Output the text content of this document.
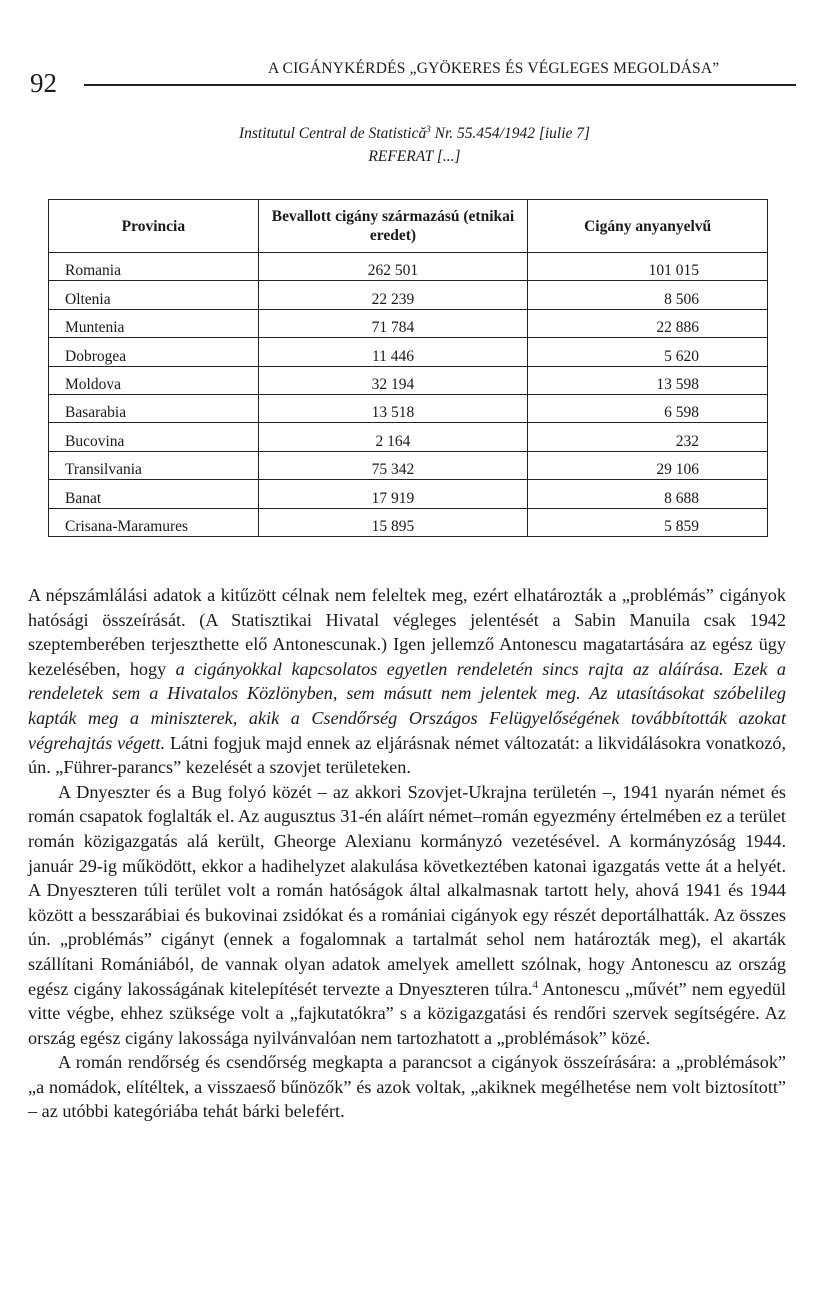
92	A CIGÁNYKÉRDÉS „GYÖKERES ÉS VÉGLEGES MEGOLDÁSA”
Institutul Central de Statistică$^3$ Nr. 55.454/1942 [iulie 7]
REFERAT [...]
Provincia	Bevallott cigány származású (etnikai eredet)	Cigány anyanyelvű
Romania	262 501	101 015
Oltenia	22 239	8 506
Muntenia	71 784	22 886
Dobrogea	11 446	5 620
Moldova	32 194	13 598
Basarabia	13 518	6 598
Bucovina	2 164	232
Transilvania	75 342	29 106
Banat	17 919	8 688
Crisana-Maramures	15 895	5 859

A népszámlálási adatok a kitűzött célnak nem feleltek meg, ezért elhatározták a „problémás” cigányok hatósági összeírását. (A Statisztikai Hivatal végleges jelentését a Sabin Manuila csak 1942 szeptemberében terjeszthette elő Antonescunak.) Igen jellemző Antonescu magatartására az egész ügy kezelésében, hogy a cigányokkal kapcsolatos egyetlen rendeletén sincs rajta az aláírása. Ezek a rendeletek sem a Hivatalos Közlönyben, sem másutt nem jelentek meg. Az utasításokat szóbelileg kapták meg a miniszterek, akik a Csendőrség Országos Felügyelőségének továbbították azokat végrehajtás végett. Látni fogjuk majd ennek az eljárásnak német változatát: a likvidálásokra vonatkozó, ún. „Führer-parancs” kezelését a szovjet területeken.

A Dnyeszter és a Bug folyó közét – az akkori Szovjet-Ukrajna területén –, 1941 nyarán német és román csapatok foglalták el. Az augusztus 31-én aláírt német–román egyezmény értelmében ez a terület román közigazgatás alá került, Gheorge Alexianu kormányzó vezetésével. A kormányzóság 1944. január 29-ig működött, ekkor a hadihelyzet alakulása következtében katonai igazgatás vette át a helyét. A Dnyeszteren túli terület volt a román hatóságok által alkalmasnak tartott hely, ahová 1941 és 1944 között a besszarábiai és bukovinai zsidókat és a romániai cigányok egy részét deportálhatták. Az összes ún. „problémás” cigányt (ennek a fogalomnak a tartalmát sehol nem határozták meg), el akarták szállítani Romániából, de vannak olyan adatok amelyek amellett szólnak, hogy Antonescu az ország egész cigány lakosságának kitelepítését tervezte a Dnyeszteren túlra.$^4$ Antonescu „művét” nem egyedül vitte végbe, ehhez szüksége volt a „fajkutatókra” s a közigazgatási és rendőri szervek segítségére. Az ország egész cigány lakossága nyilvánvalóan nem tartozhatott a „problémások” közé.

A román rendőrség és csendőrség megkapta a parancsot a cigányok összeírására: a „problémások” „a nomádok, elítéltek, a visszaeső bűnözők” és azok voltak, „akiknek megélhetése nem volt biztosított” – az utóbbi kategóriába tehát bárki belefért.
